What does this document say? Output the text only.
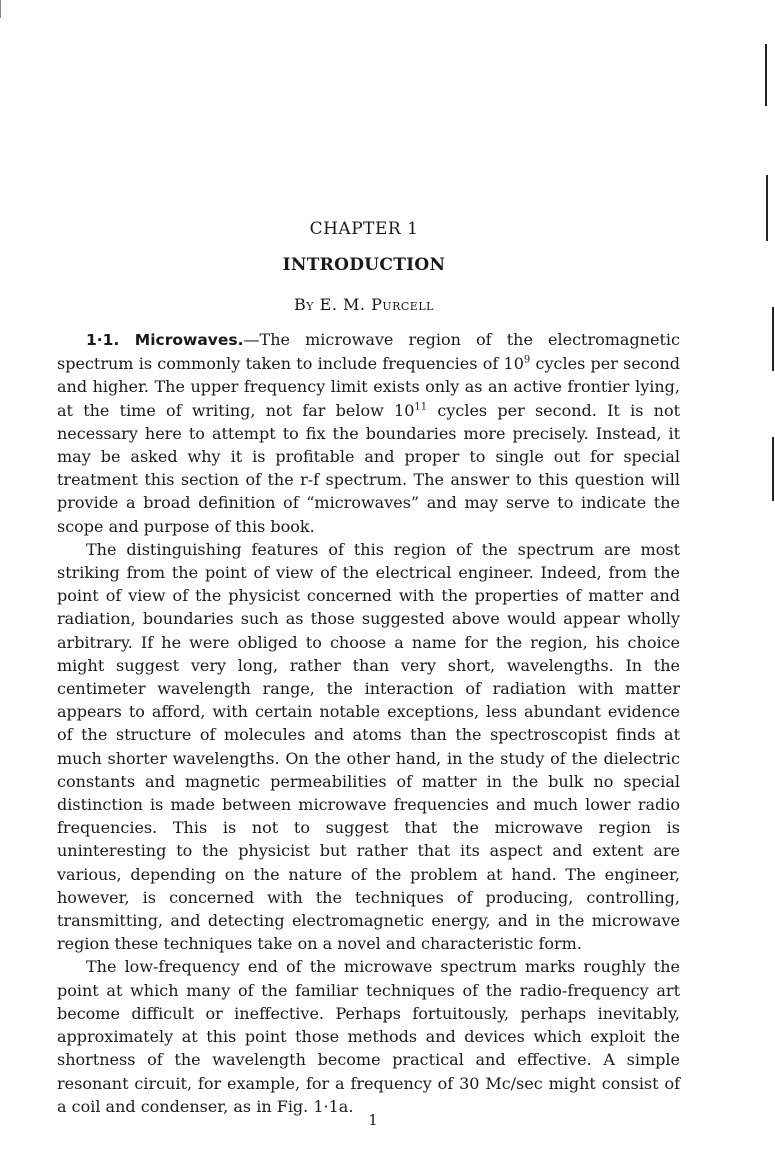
CHAPTER 1
INTRODUCTION
By E. M. Purcell

1·1. Microwaves.—The microwave region of the electromagnetic spectrum is commonly taken to include frequencies of $10^9$ cycles per second and higher. The upper frequency limit exists only as an active frontier lying, at the time of writing, not far below $10^{11}$ cycles per second. It is not necessary here to attempt to fix the boundaries more precisely. Instead, it may be asked why it is profitable and proper to single out for special treatment this section of the r-f spectrum. The answer to this question will provide a broad definition of “microwaves” and may serve to indicate the scope and purpose of this book.

The distinguishing features of this region of the spectrum are most striking from the point of view of the electrical engineer. Indeed, from the point of view of the physicist concerned with the properties of matter and radiation, boundaries such as those suggested above would appear wholly arbitrary. If he were obliged to choose a name for the region, his choice might suggest very long, rather than very short, wavelengths. In the centimeter wavelength range, the interaction of radiation with matter appears to afford, with certain notable exceptions, less abundant evidence of the structure of molecules and atoms than the spectroscopist finds at much shorter wavelengths. On the other hand, in the study of the dielectric constants and magnetic permeabilities of matter in the bulk no special distinction is made between microwave frequencies and much lower radio frequencies. This is not to suggest that the microwave region is uninteresting to the physicist but rather that its aspect and extent are various, depending on the nature of the problem at hand. The engineer, however, is concerned with the techniques of producing, controlling, transmitting, and detecting electromagnetic energy, and in the microwave region these techniques take on a novel and characteristic form.

The low-frequency end of the microwave spectrum marks roughly the point at which many of the familiar techniques of the radio-frequency art become difficult or ineffective. Perhaps fortuitously, perhaps inevitably, approximately at this point those methods and devices which exploit the shortness of the wavelength become practical and effective. A simple resonant circuit, for example, for a frequency of 30 Mc/sec might consist of a coil and condenser, as in Fig. 1·1a.

1
